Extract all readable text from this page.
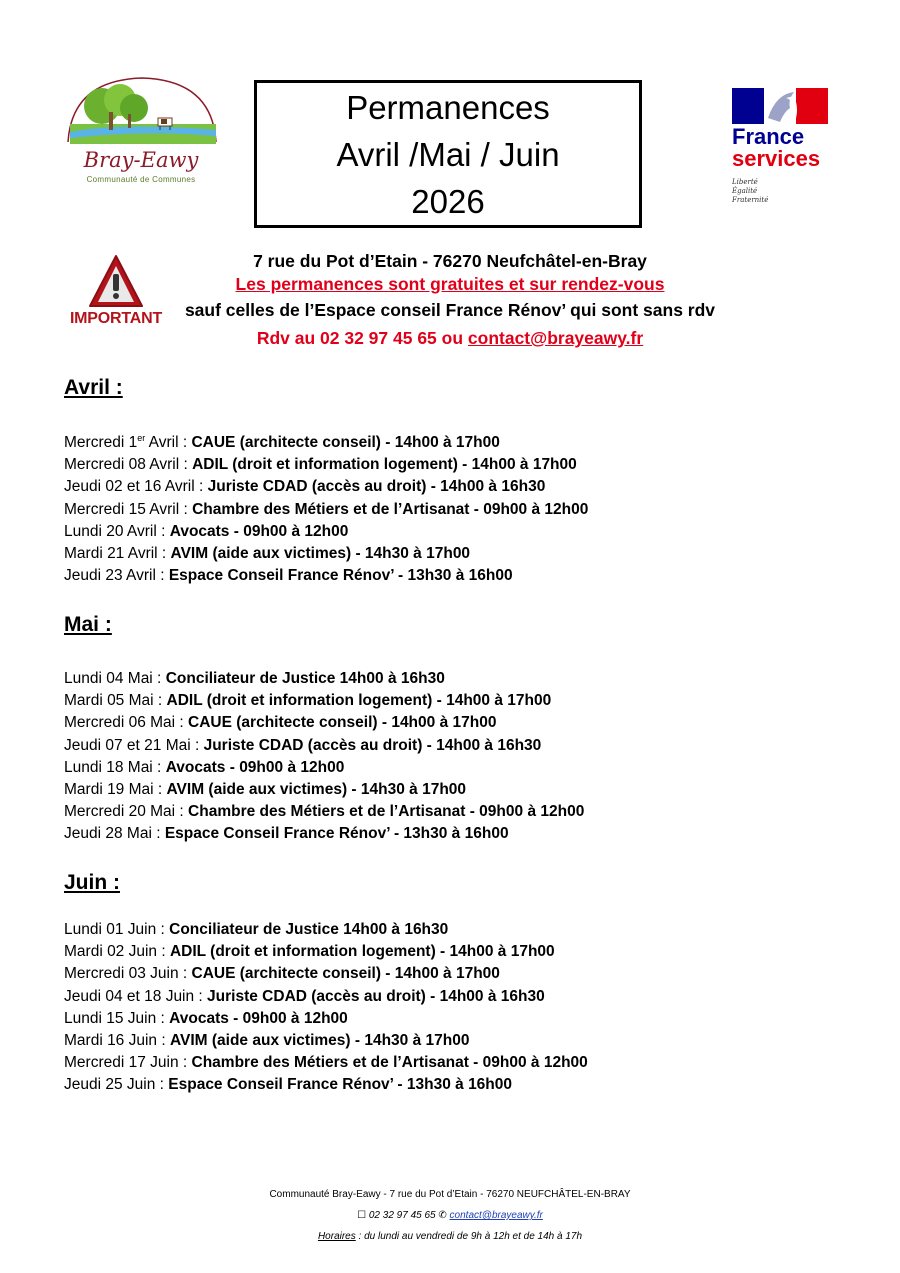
Bray-Eawy
Communauté de Communes
Permanences
Avril /Mai / Juin
2026
France
services
Liberté
Égalité
Fraternité
IMPORTANT
7 rue du Pot d’Etain - 76270 Neufchâtel-en-Bray
Les permanences sont gratuites et sur rendez-vous
sauf celles de l’Espace conseil France Rénov’ qui sont sans rdv
Rdv au 02 32 97 45 65 ou contact@brayeawy.fr
Avril :
Mercredi 1er Avril : CAUE (architecte conseil) - 14h00 à 17h00
Mercredi 08 Avril : ADIL (droit et information logement) - 14h00 à 17h00
Jeudi 02 et 16 Avril : Juriste CDAD (accès au droit) - 14h00 à 16h30
Mercredi 15 Avril : Chambre des Métiers et de l’Artisanat - 09h00 à 12h00
Lundi 20 Avril : Avocats - 09h00 à 12h00
Mardi 21 Avril : AVIM (aide aux victimes) - 14h30 à 17h00
Jeudi 23 Avril : Espace Conseil France Rénov’ - 13h30 à 16h00
Mai :
Lundi 04 Mai : Conciliateur de Justice 14h00 à 16h30
Mardi 05 Mai : ADIL (droit et information logement) - 14h00 à 17h00
Mercredi 06 Mai : CAUE (architecte conseil) - 14h00 à 17h00
Jeudi 07 et 21 Mai : Juriste CDAD (accès au droit) - 14h00 à 16h30
Lundi 18 Mai : Avocats - 09h00 à 12h00
Mardi 19 Mai : AVIM (aide aux victimes) - 14h30 à 17h00
Mercredi 20 Mai : Chambre des Métiers et de l’Artisanat - 09h00 à 12h00
Jeudi 28 Mai : Espace Conseil France Rénov’ - 13h30 à 16h00
Juin :
Lundi 01 Juin : Conciliateur de Justice 14h00 à 16h30
Mardi 02 Juin : ADIL (droit et information logement) - 14h00 à 17h00
Mercredi 03 Juin : CAUE (architecte conseil) - 14h00 à 17h00
Jeudi 04 et 18 Juin : Juriste CDAD (accès au droit) - 14h00 à 16h30
Lundi 15 Juin : Avocats - 09h00 à 12h00
Mardi 16 Juin : AVIM (aide aux victimes) - 14h30 à 17h00
Mercredi 17 Juin : Chambre des Métiers et de l’Artisanat - 09h00 à 12h00
Jeudi 25 Juin : Espace Conseil France Rénov’ - 13h30 à 16h00
Communauté Bray-Eawy - 7 rue du Pot d’Etain - 76270 NEUFCHÂTEL-EN-BRAY
☐ 02 32 97 45 65 ✆ contact@brayeawy.fr
Horaires : du lundi au vendredi de 9h à 12h et de 14h à 17h
